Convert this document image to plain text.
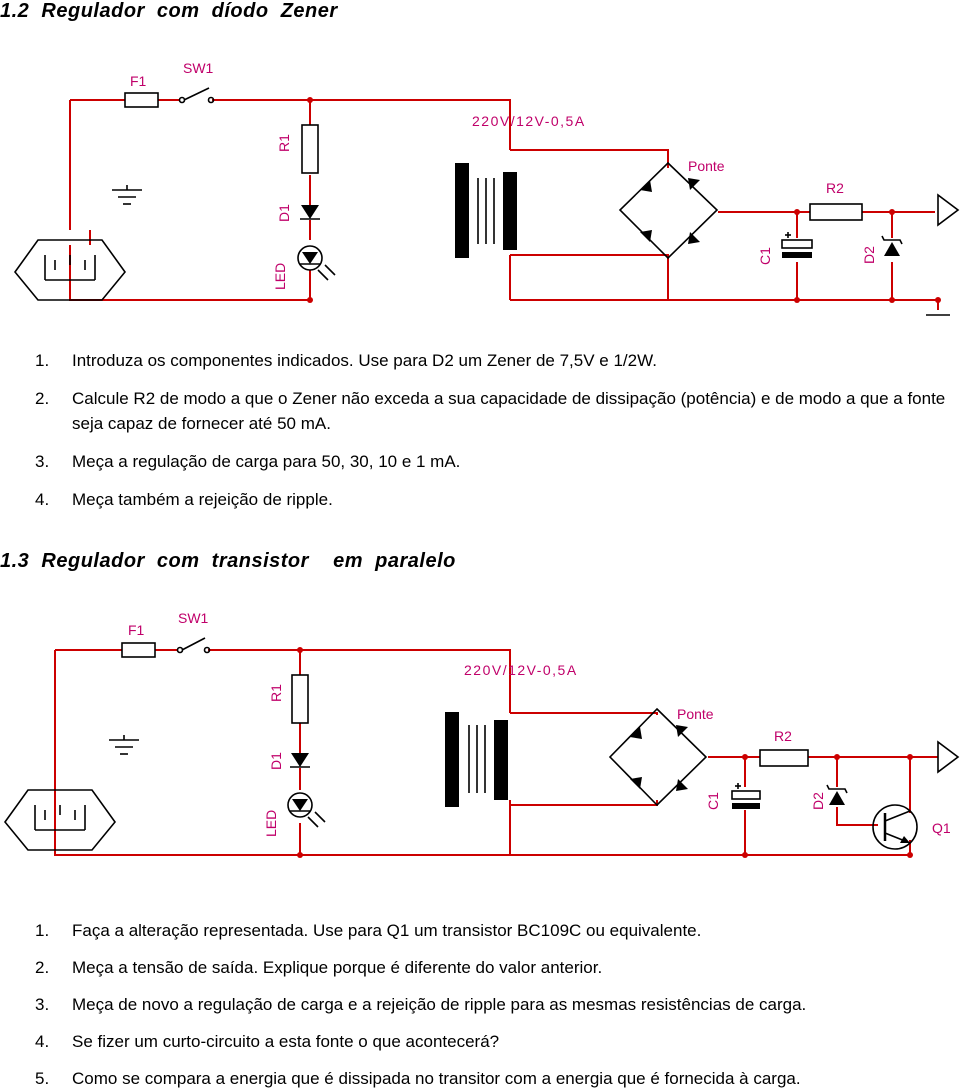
1.2  Regulador  com  díodo  Zener
F1
SW1
R1
D1
LED
220V/12V-0,5A
Ponte
R2
C1	D2
1. Introduza os componentes indicados. Use para D2 um Zener de 7,5V e 1/2W.
2. Calcule R2 de modo a que o Zener não exceda a sua capacidade de dissipação (potência) e de modo a que a fonte seja capaz de fornecer até 50 mA.
3. Meça a regulação de carga para 50, 30, 10 e 1 mA.
4. Meça também a rejeição de ripple.
1.3  Regulador  com  transistor    em  paralelo
F1
SW1
R1
D1
LED
220V/12V-0,5A
Ponte
R2
C1	D2
Q1
1. Faça a alteração representada. Use para Q1 um transistor BC109C ou equivalente.
2. Meça a tensão de saída. Explique porque é diferente do valor anterior.
3. Meça de novo a regulação de carga e a rejeição de ripple para as mesmas resistências de carga.
4. Se fizer um curto-circuito a esta fonte o que acontecerá?
5. Como se compara a energia que é dissipada no transitor com a energia que é fornecida à carga.
